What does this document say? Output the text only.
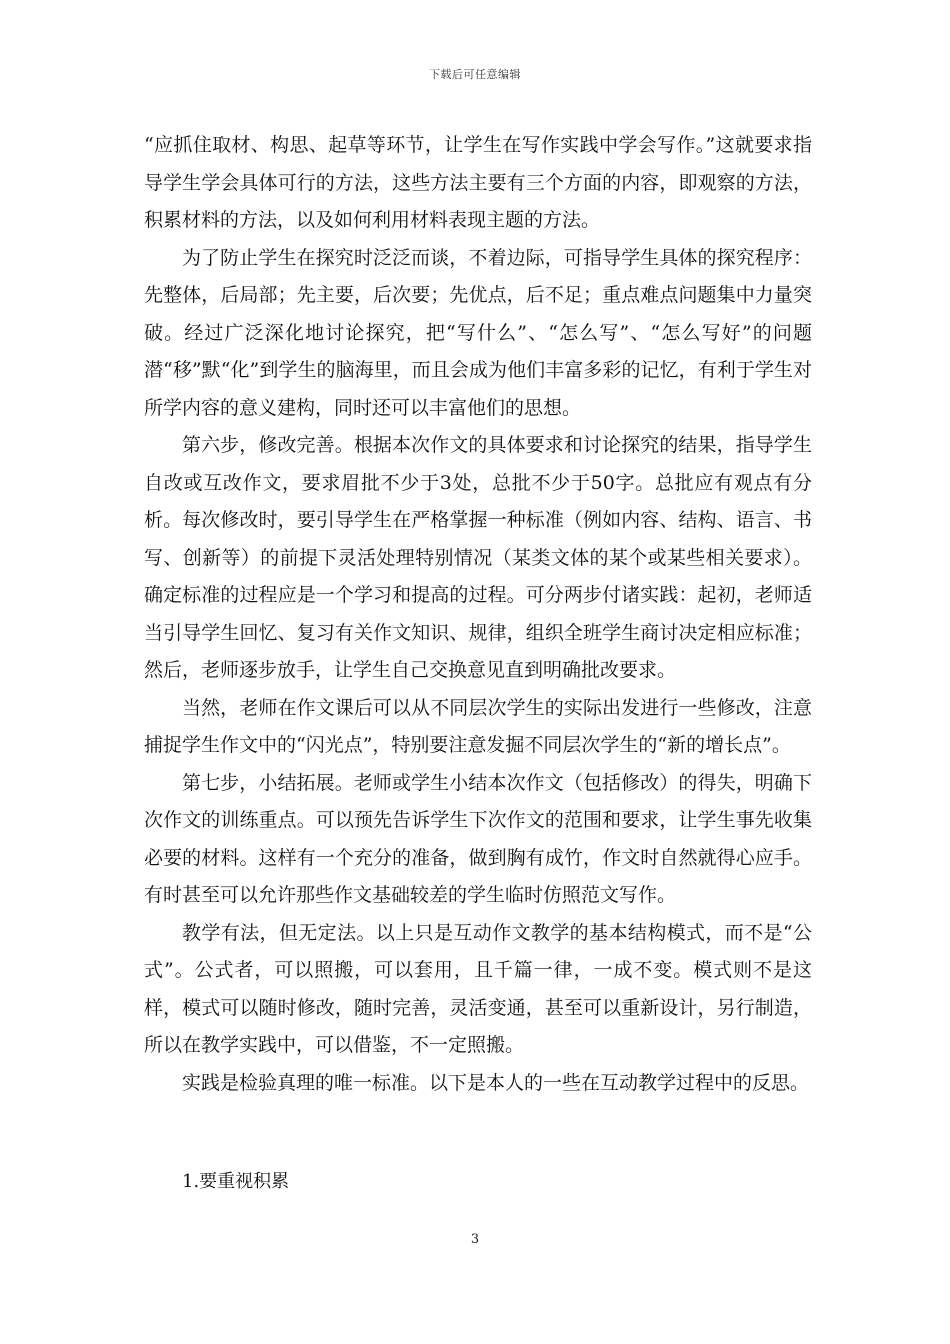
下载后可任意编辑

“应抓住取材、构思、起草等环节，让学生在写作实践中学会写作。”这就要求指导学生学会具体可行的方法，这些方法主要有三个方面的内容，即观察的方法，积累材料的方法，以及如何利用材料表现主题的方法。

为了防止学生在探究时泛泛而谈，不着边际，可指导学生具体的探究程序：先整体，后局部；先主要，后次要；先优点，后不足；重点难点问题集中力量突破。经过广泛深化地讨论探究，把“写什么”、“怎么写”、“怎么写好”的问题潜“移”默“化”到学生的脑海里，而且会成为他们丰富多彩的记忆，有利于学生对所学内容的意义建构，同时还可以丰富他们的思想。

第六步，修改完善。根据本次作文的具体要求和讨论探究的结果，指导学生自改或互改作文，要求眉批不少于3处，总批不少于50字。总批应有观点有分析。每次修改时，要引导学生在严格掌握一种标准（例如内容、结构、语言、书写、创新等）的前提下灵活处理特别情况（某类文体的某个或某些相关要求）。确定标准的过程应是一个学习和提高的过程。可分两步付诸实践：起初，老师适当引导学生回忆、复习有关作文知识、规律，组织全班学生商讨决定相应标准；然后，老师逐步放手，让学生自己交换意见直到明确批改要求。

当然，老师在作文课后可以从不同层次学生的实际出发进行一些修改，注意捕捉学生作文中的“闪光点”，特别要注意发掘不同层次学生的“新的增长点”。

第七步，小结拓展。老师或学生小结本次作文（包括修改）的得失，明确下次作文的训练重点。可以预先告诉学生下次作文的范围和要求，让学生事先收集必要的材料。这样有一个充分的准备，做到胸有成竹，作文时自然就得心应手。有时甚至可以允许那些作文基础较差的学生临时仿照范文写作。

教学有法，但无定法。以上只是互动作文教学的基本结构模式，而不是“公式”。公式者，可以照搬，可以套用，且千篇一律，一成不变。模式则不是这样，模式可以随时修改，随时完善，灵活变通，甚至可以重新设计，另行制造，所以在教学实践中，可以借鉴，不一定照搬。

实践是检验真理的唯一标准。以下是本人的一些在互动教学过程中的反思。

1.要重视积累
3
